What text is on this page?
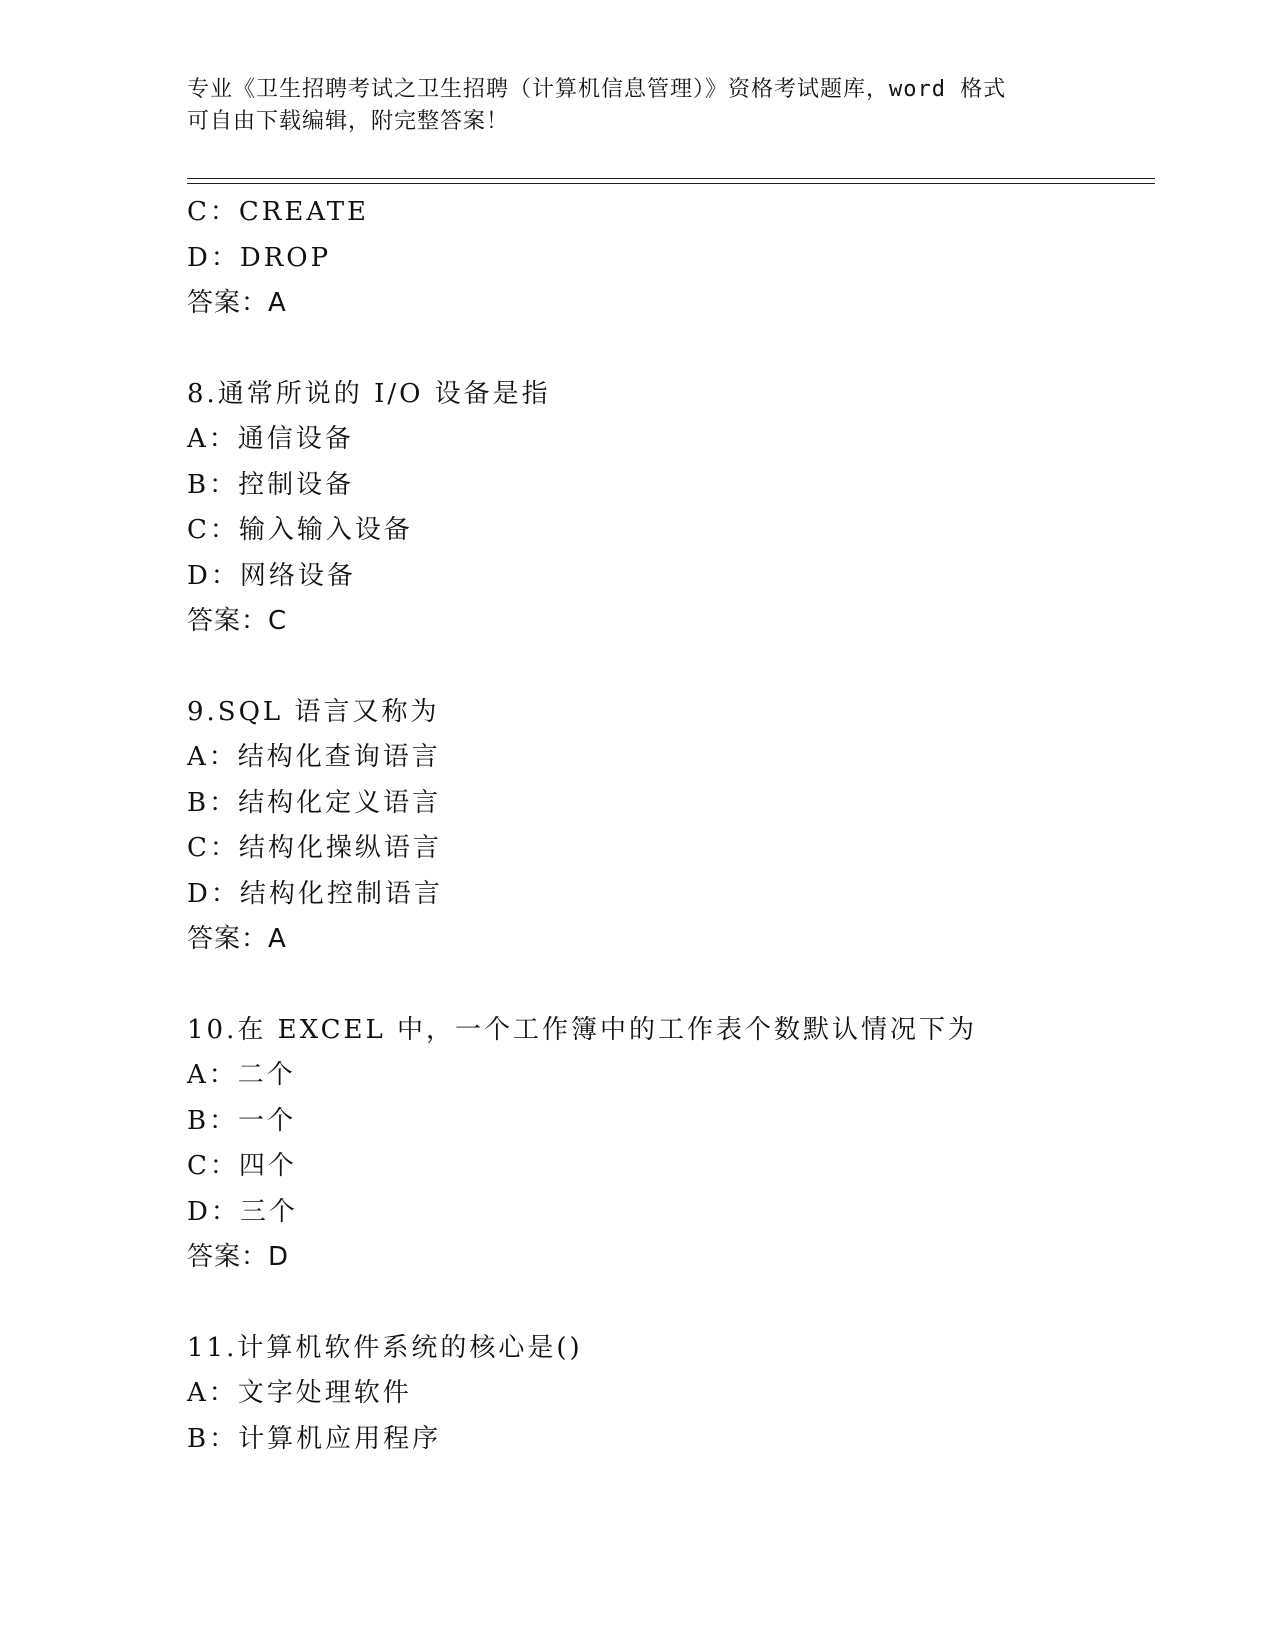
专业《卫生招聘考试之卫生招聘（计算机信息管理）》资格考试题库，word 格式
可自由下载编辑，附完整答案！
C：CREATE
D：DROP
答案：A
8.通常所说的 I/O 设备是指
A：通信设备
B：控制设备
C：输入输入设备
D：网络设备
答案：C
9.SQL 语言又称为
A：结构化查询语言
B：结构化定义语言
C：结构化操纵语言
D：结构化控制语言
答案：A
10.在 EXCEL 中，一个工作簿中的工作表个数默认情况下为
A：二个
B：一个
C：四个
D：三个
答案：D
11.计算机软件系统的核心是()
A：文字处理软件
B：计算机应用程序
